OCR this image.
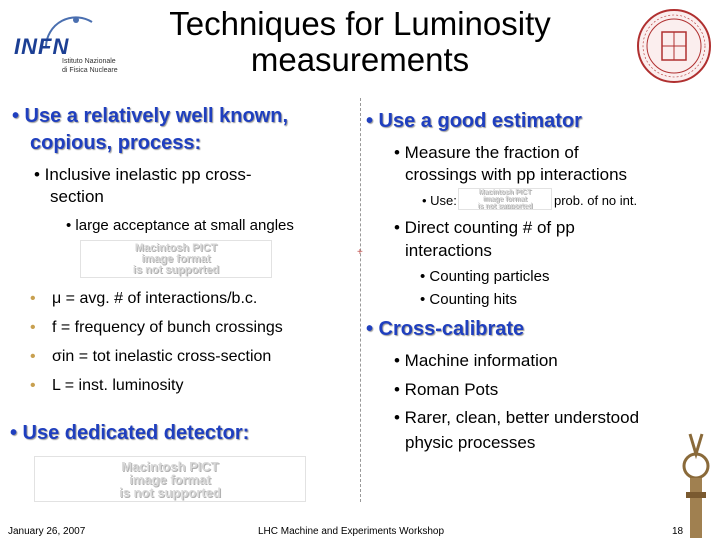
INFN
Istituto Nazionale
di Fisica Nucleare
Techniques for Luminosity
measurements
+
• Use a relatively well known,
copious, process:
• Inclusive inelastic pp cross-
section
• large acceptance at small angles
Macintosh PICT
image format
is not supported
•	μ = avg. # of interactions/b.c.
•	f = frequency of bunch crossings
•	σin = tot inelastic cross-section
•	L = inst. luminosity
• Use dedicated detector:
Macintosh PICT
image format
is not supported
• Use a good estimator
• Measure the fraction of
crossings with pp interactions
• Use:
Macintosh PICT
image format
is not supported prob. of no int.
• Direct counting # of pp
interactions
• Counting particles
• Counting hits
• Cross-calibrate
• Machine information
• Roman Pots
• Rarer, clean, better understood
physic processes
January 26, 2007	LHC Machine and Experiments Workshop	18
